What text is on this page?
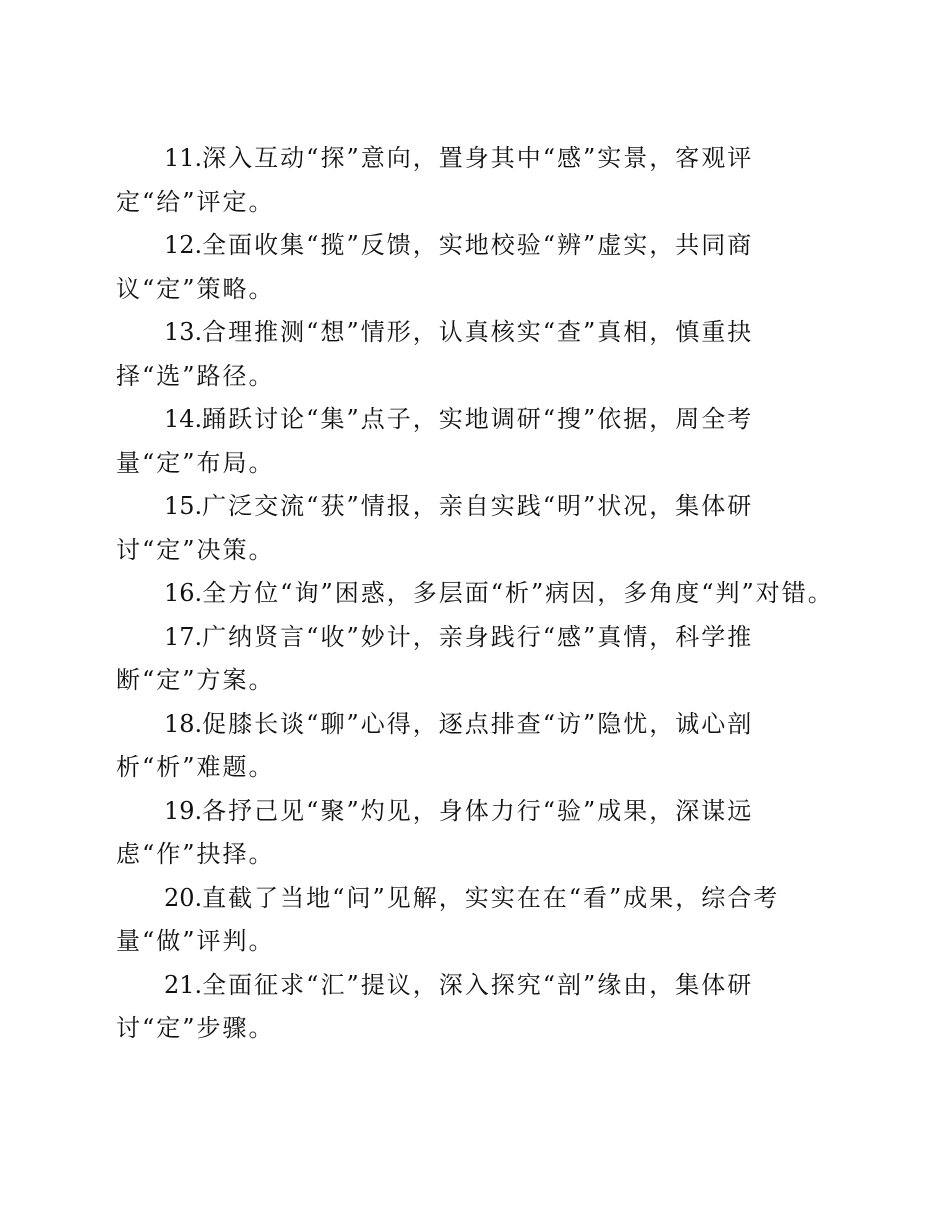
11.深入互动“探”意向，置身其中“感”实景，客观评定“给”评定。

12.全面收集“揽”反馈，实地校验“辨”虚实，共同商议“定”策略。

13.合理推测“想”情形，认真核实“查”真相，慎重抉择“选”路径。

14.踊跃讨论“集”点子，实地调研“搜”依据，周全考量“定”布局。

15.广泛交流“获”情报，亲自实践“明”状况，集体研讨“定”决策。

16.全方位“询”困惑，多层面“析”病因，多角度“判”对错。

17.广纳贤言“收”妙计，亲身践行“感”真情，科学推断“定”方案。

18.促膝长谈“聊”心得，逐点排查“访”隐忧，诚心剖析“析”难题。

19.各抒己见“聚”灼见，身体力行“验”成果，深谋远虑“作”抉择。

20.直截了当地“问”见解，实实在在“看”成果，综合考量“做”评判。

21.全面征求“汇”提议，深入探究“剖”缘由，集体研讨“定”步骤。
